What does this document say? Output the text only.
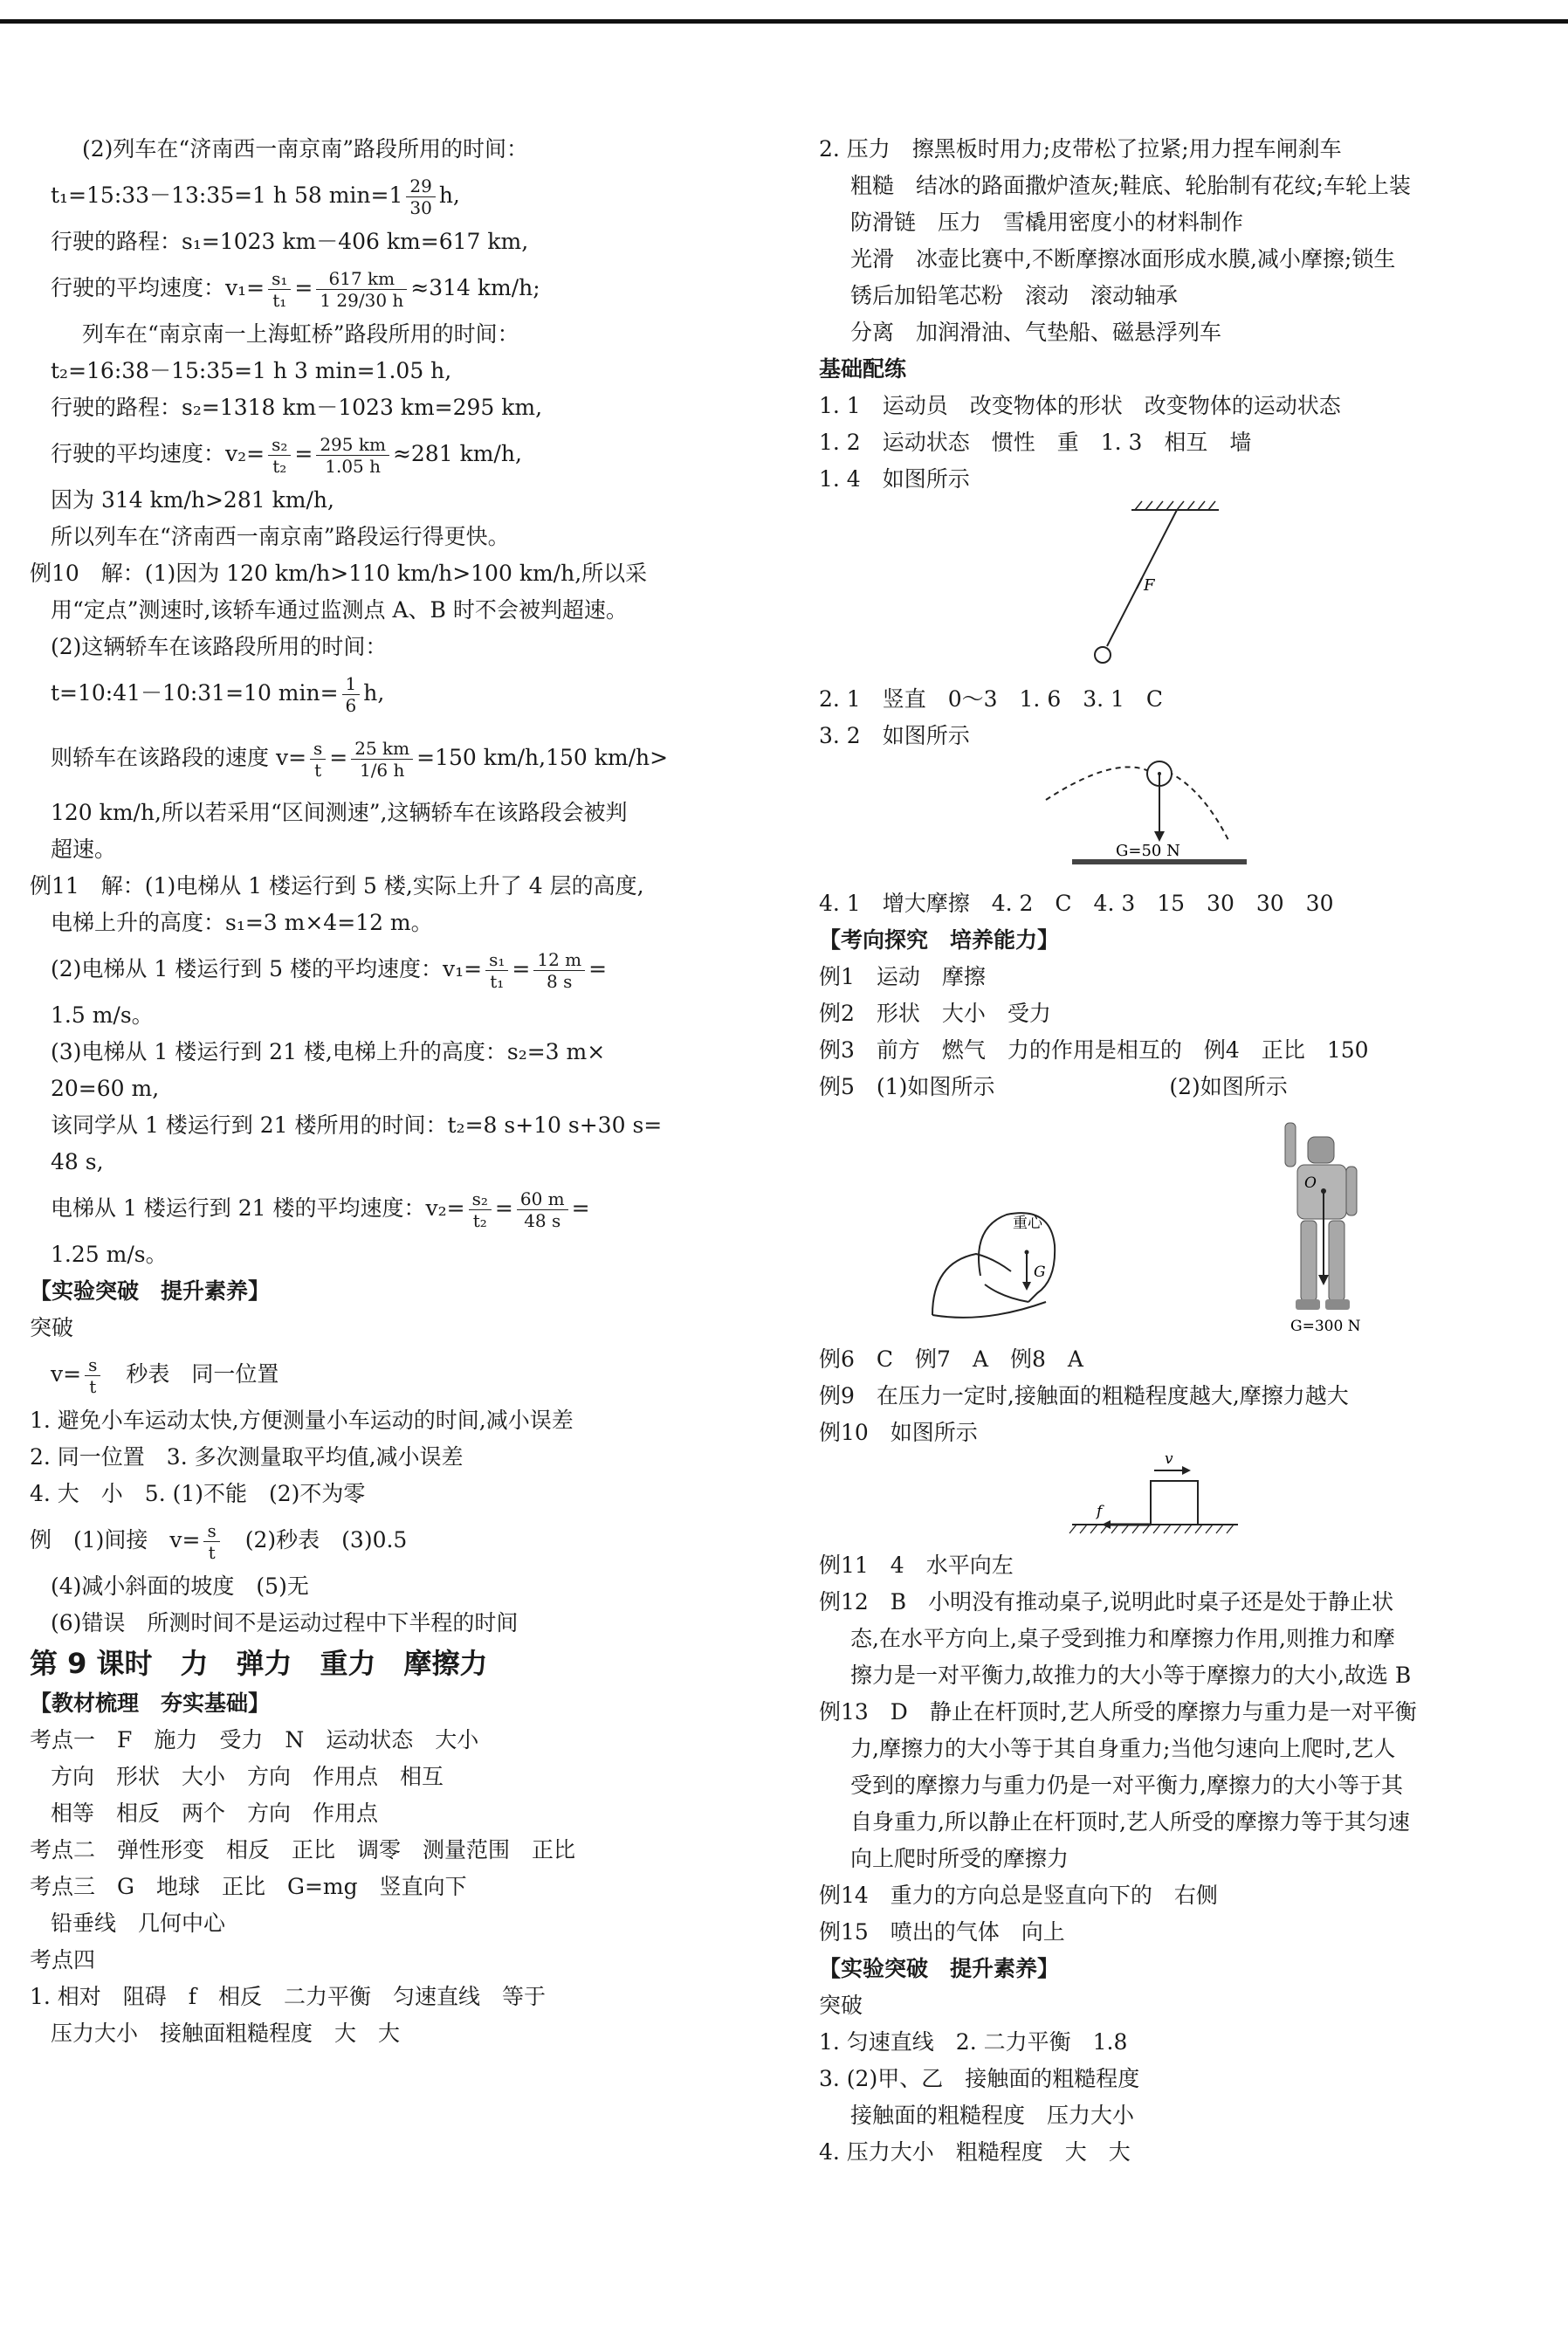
(2)列车在“济南西一南京南”路段所用的时间：
t₁=15:33－13:35=1 h 58 $\min=1 \frac{29}{30} h$,
行驶的路程：s₁=1023 km－406 km=617 km,
行驶的平均速度：$v_1= \frac{\text{s₁}}{\text{t₁}} = \frac{617 km}{1 29/30 h} \approx 314$ km/h;
列车在“南京南一上海虹桥”路段所用的时间：
t₂=16:38－15:35=1 h 3 min=1.05 h,
行驶的路程：s₂=1318 km－1023 km=295 km,
行驶的平均速度：$v_2= \frac{\text{s₂}}{\text{t₂}} = \frac{295 km}{1.05 h} \approx 281$ km/h,
因为 314 km/h>281 km/h,
所以列车在“济南西一南京南”路段运行得更快。
例10　解：(1)因为 120 km/h>110 km/h>100 km/h,所以采
用“定点”测速时,该轿车通过监测点 A、B 时不会被判超速。
(2)这辆轿车在该路段所用的时间：
t=10:41－10:31=10 $\min= \frac{1}{6} h$,
则轿车在该路段的速度 $v= \frac{s}{t} = \frac{25 km}{1/6 h} =150$ km/h,150 km/h>
120 km/h,所以若采用“区间测速”,这辆轿车在该路段会被判
超速。
例11　解：(1)电梯从 1 楼运行到 5 楼,实际上升了 4 层的高度,
电梯上升的高度：s₁=3 m×4=12 m。
(2)电梯从 1 楼运行到 5 楼的平均速度：$v_1= \frac{\text{s₁}}{\text{t₁}} = \frac{12 m}{8 s}$ =
1.5 m/s。
(3)电梯从 1 楼运行到 21 楼,电梯上升的高度：s₂=3 m×
20=60 m,
该同学从 1 楼运行到 21 楼所用的时间：t₂=8 s+10 s+30 s=
48 s,
电梯从 1 楼运行到 21 楼的平均速度：$v_2= \frac{\text{s₂}}{\text{t₂}} = \frac{60 m}{48 s}$ =
1.25 m/s。
【实验突破　提升素养】
突破
$v= \frac{s}{t}$ 　秒表　同一位置
1. 避免小车运动太快,方便测量小车运动的时间,减小误差
2. 同一位置　3. 多次测量取平均值,减小误差
4. 大　小　5. (1)不能　(2)不为零
例　(1)间接　$v= \frac{s}{t}$ 　(2)秒表　(3)0.5
(4)减小斜面的坡度　(5)无
(6)错误　所测时间不是运动过程中下半程的时间
第 9 课时　力　弹力　重力　摩擦力
【教材梳理　夯实基础】
考点一　F　施力　受力　N　运动状态　大小
方向　形状　大小　方向　作用点　相互
相等　相反　两个　方向　作用点
考点二　弹性形变　相反　正比　调零　测量范围　正比
考点三　G　地球　正比　G=mg　竖直向下
铅垂线　几何中心
考点四
1. 相对　阻碍　f　相反　二力平衡　匀速直线　等于
压力大小　接触面粗糙程度　大　大
2. 压力　擦黑板时用力;皮带松了拉紧;用力捏车闸刹车
粗糙　结冰的路面撒炉渣灰;鞋底、轮胎制有花纹;车轮上装
防滑链　压力　雪橇用密度小的材料制作
光滑　冰壶比赛中,不断摩擦冰面形成水膜,减小摩擦;锁生
锈后加铅笔芯粉　滚动　滚动轴承
分离　加润滑油、气垫船、磁悬浮列车
基础配练
1. 1　运动员　改变物体的形状　改变物体的运动状态
1. 2　运动状态　惯性　重　1. 3　相互　墙
1. 4　如图所示
F
2. 1　竖直　0～3　1. 6　3. 1　C
3. 2　如图所示
G=50 N
4. 1　增大摩擦　4. 2　C　4. 3　15　30　30　30
【考向探究　培养能力】
例1　运动　摩擦
例2　形状　大小　受力
例3　前方　燃气　力的作用是相互的　例4　正比　150
例5　(1)如图所示	(2)如图所示
重心
G
O
G=300 N
例6　C　例7　A　例8　A
例9　在压力一定时,接触面的粗糙程度越大,摩擦力越大
例10　如图所示
v
f
例11　4　水平向左
例12　B　小明没有推动桌子,说明此时桌子还是处于静止状
态,在水平方向上,桌子受到推力和摩擦力作用,则推力和摩
擦力是一对平衡力,故推力的大小等于摩擦力的大小,故选 B
例13　D　静止在杆顶时,艺人所受的摩擦力与重力是一对平衡
力,摩擦力的大小等于其自身重力;当他匀速向上爬时,艺人
受到的摩擦力与重力仍是一对平衡力,摩擦力的大小等于其
自身重力,所以静止在杆顶时,艺人所受的摩擦力等于其匀速
向上爬时所受的摩擦力
例14　重力的方向总是竖直向下的　右侧
例15　喷出的气体　向上
【实验突破　提升素养】
突破
1. 匀速直线　2. 二力平衡　1.8
3. (2)甲、乙　接触面的粗糙程度
接触面的粗糙程度　压力大小
4. 压力大小　粗糙程度　大　大
